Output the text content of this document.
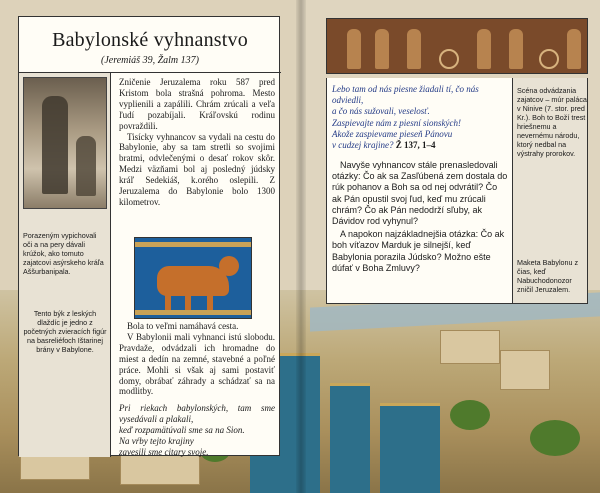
Babylonské vyhnanstvo
(Jeremiáš 39, Žalm 137)
Porazeným vypichovali oči a na pery dávali krúžok, ako tomuto zajatcovi asýrskeho kráľa Aššurbanipala.
Tento býk z leských dlaždíc je jedno z početných zvieracích figúr na basreliéfoch Ištarinej brány v Babylone.

Zničenie Jeruzalema roku 587 pred Kristom bola strašná pohroma. Mesto vyplienili a zapálili. Chrám zrúcali a veľa ľudí pozabíjali. Kráľovskú rodinu povraždili.

Tisícky vyhnancov sa vydali na cestu do Babylonie, aby sa tam stretli so svojimi bratmi, odvlečenými o desať rokov skôr. Medzi väzňami bol aj posledný júdsky kráľ Sedekiáš, k.orého oslepili. Z Jeruzalema do Babylonie bolo 1300 kilometrov.

Bola to veľmi namáhavá cesta.

V Babylonii mali vyhnanci istú slobodu. Pravdaže, odvádzali ich hromadne do miest a dedín na zemné, stavebné a poľné práce. Mohli si však aj sami postaviť domy, obrábať záhrady a schádzať sa na modlitby.

Pri riekach babylonských, tam sme vysedávali a plakali,

keď rozpamätúvali sme sa na Sion.

Na vŕby tejto krajiny

zavesili sme citary svoje.

Scéna odvádzania zajatcov – múr paláca v Ninive (7. stor. pred Kr.). Boh to Boží trest hriešnemu a nevernému národu, ktorý nedbal na výstrahy prorokov.
Maketa Babylonu z čias, keď Nabuchodonozor zničil Jeruzalem.
Lebo tam od nás piesne žiadali tí, čo nás odviedli,
a čo nás sužovali, veselosť.
Zaspievajte nám z piesní sionských!
Akože zaspievame pieseň Pánovu
v cudzej krajine? Ž 137, 1–4

Navyše vyhnancov stále prenasledovali otázky: Čo ak sa Zasľúbená zem dostala do rúk pohanov a Boh sa od nej odvrátil? Čo ak Pán opustil svoj ľud, keď mu zrúcali chrám? Čo ak Pán nedodrží sľuby, ak Dávidov rod vyhynul?

A napokon najzákladnejšia otázka: Čo ak boh víťazov Marduk je silnejší, keď Babylonia porazila Júdsko? Možno ešte dúfať v Boha Zmluvy?
